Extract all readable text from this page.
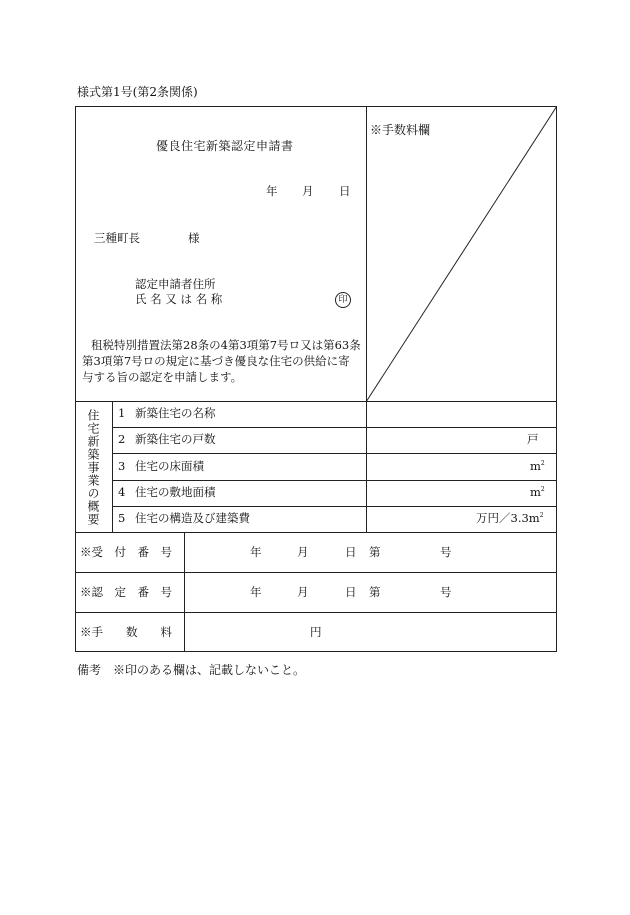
様式第1号(第2条関係)
※手数料欄
優良住宅新築認定申請書
年 月 日
三種町長	様
認定申請者住所
氏 名 又 は 名 称	印
租税特別措置法第28条の4第3項第7号ロ又は第63条
第3項第7号ロの規定に基づき優良な住宅の供給に寄
与する旨の認定を申請します。
住宅新築事業の概要 1 新築住宅の名称
2 新築住宅の戸数	戸
3 住宅の床面積	$m^2$
4 住宅の敷地面積	$m^2$
5 住宅の構造及び建築費	万円$/3.3m^2$
※受　付　番　号	年	月	日 第	号
※認　定　番　号	年	月	日 第	号
※手　　数　　料	円
備考　※印のある欄は、記載しないこと。
